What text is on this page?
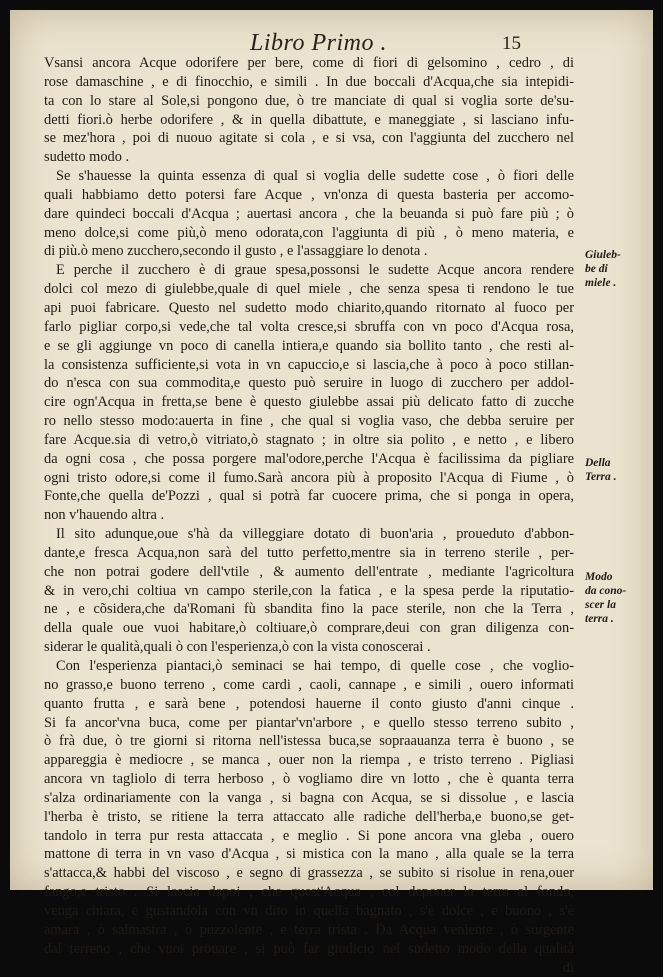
Libro Primo .	15
Vsansi ancora Acque odorifere per bere, come di fiori di gelsomino , cedro , di
rose damaschine , e di finocchio, e simili . In due boccali d'Acqua,che sia intepidi-
ta con lo stare al Sole,si pongono due, ò tre manciate di qual si voglia sorte de'su-
detti fiori.ò herbe odorifere , & in quella dibattute, e maneggiate , si lasciano infu-
se mez'hora , poi di nuouo agitate si cola , e si vsa, con l'aggiunta del zucchero nel
sudetto modo .
Se s'hauesse la quinta essenza di qual si voglia delle sudette cose , ò fiori delle
quali habbiamo detto potersi fare Acque , vn'onza di questa basteria per accomo-
dare quindeci boccali d'Acqua ; auertasi ancora , che la beuanda si può fare più ; ò
meno dolce,si come più,ò meno odorata,con l'aggiunta di più , ò meno materia, e
di più.ò meno zucchero,secondo il gusto , e l'assaggiare lo denota .
E perche il zucchero è di graue spesa,possonsi le sudette Acque ancora rendere
dolci col mezo di giulebbe,quale di quel miele , che senza spesa ti rendono le tue
api puoi fabricare. Questo nel sudetto modo chiarito,quando ritornato al fuoco per
farlo pigliar corpo,si vede,che tal volta cresce,si sbruffa con vn poco d'Acqua rosa,
e se gli aggiunge vn poco di canella intiera,e quando sia bollito tanto , che resti al-
la consistenza sufficiente,si vota in vn capuccio,e si lascia,che à poco à poco stillan-
do n'esca con sua commodita,e questo può seruire in luogo di zucchero per addol-
cire ogn'Acqua in fretta,se bene è questo giulebbe assai più delicato fatto di zucche
ro nello stesso modo:auerta in fine , che qual si voglia vaso, che debba seruire per
fare Acque.sia di vetro,ò vitriato,ò stagnato ; in oltre sia polito , e netto , e libero
da ogni cosa , che possa porgere mal'odore,perche l'Acqua è facilissima da pigliare
ogni tristo odore,si come il fumo.Sarà ancora più à proposito l'Acqua di Fiume , ò
Fonte,che quella de'Pozzi , qual si potrà far cuocere prima, che si ponga in opera,
non v'hauendo altra .
Il sito adunque,oue s'hà da villeggiare dotato di buon'aria , proueduto d'abbon-
dante,e fresca Acqua,non sarà del tutto perfetto,mentre sia in terreno sterile , per-
che non potrai godere dell'vtile , & aumento dell'entrate , mediante l'agricoltura
& in vero,chi coltiua vn campo sterile,con la fatica , e la spesa perde la riputatio-
ne , e cõsidera,che da'Romani fù sbandita fino la pace sterile, non che la Terra ,
della quale oue vuoi habitare,ò coltiuare,ò comprare,deui con gran diligenza con-
siderar le qualità,quali ò con l'esperienza,ò con la vista conoscerai .
Con l'esperienza piantaci,ò seminaci se hai tempo, di quelle cose , che voglio-
no grasso,e buono terreno , come cardi , caoli, cannape , e simili , ouero informati
quanto frutta , e sarà bene , potendosi hauerne il conto giusto d'anni cinque .
Si fa ancor'vna buca, come per piantar'vn'arbore , e quello stesso terreno subito ,
ò frà due, ò tre giorni si ritorna nell'istessa buca,se sopraauanza terra è buono , se
appareggia è mediocre , se manca , ouer non la riempa , e tristo terreno . Pigliasi
ancora vn tagliolo di terra herboso , ò vogliamo dire vn lotto , che è quanta terra
s'alza ordinariamente con la vanga , si bagna con Acqua, se si dissolue , e lascia
l'herba è tristo, se ritiene la terra attaccato alle radiche dell'herba,e buono,se get-
tandolo in terra pur resta attaccata , e meglio . Si pone ancora vna gleba , ouero
mattone di terra in vn vaso d'Acqua , si mistica con la mano , alla quale se la terra
s'attacca,& habbi del viscoso , e segno di grassezza , se subito si risolue in rena,ouer
fango,e tristo . Si lascia dapoi , che quest'Acqua , col deponer la terra al fondo,
venga chiara, e gustandola con vn dito in quella bagnato , s'è dolce , e buono , s'è
amara , ò salmastra , ò puzzolente , e terra trista . Da Acqua veniente , ò surgente
dal terreno , che vuoi prouare , si può far giudicio nel sudetto modo della qualità
di
Giuleb-
be di
miele .
Della
Terra .
Modo
da cono-
scer la
terra .
